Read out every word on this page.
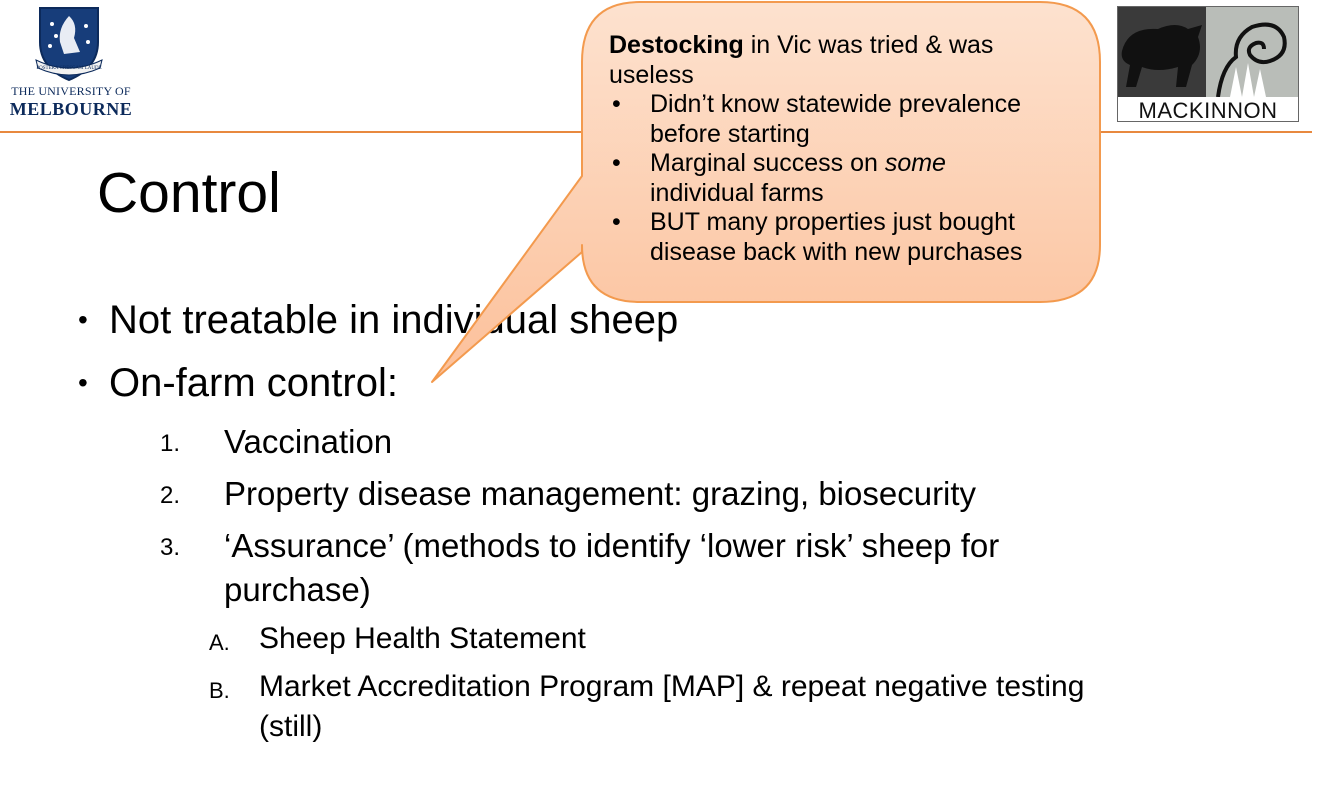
POSTERA CRESCAM LAUDE
THE UNIVERSITY OF
MELBOURNE	MACKINNON
Control
• Not treatable in individual sheep
• On-farm control:
1. Vaccination
2. Property disease management: grazing, biosecurity
3. ‘Assurance’ (methods to identify ‘lower risk’ sheep for
purchase)
A. Sheep Health Statement
B. Market Accreditation Program [MAP] & repeat negative testing
(still)
Destocking in Vic was tried & was
useless
• Didn’t know statewide prevalence
before starting
• Marginal success on some
individual farms
• BUT many properties just bought
disease back with new purchases
